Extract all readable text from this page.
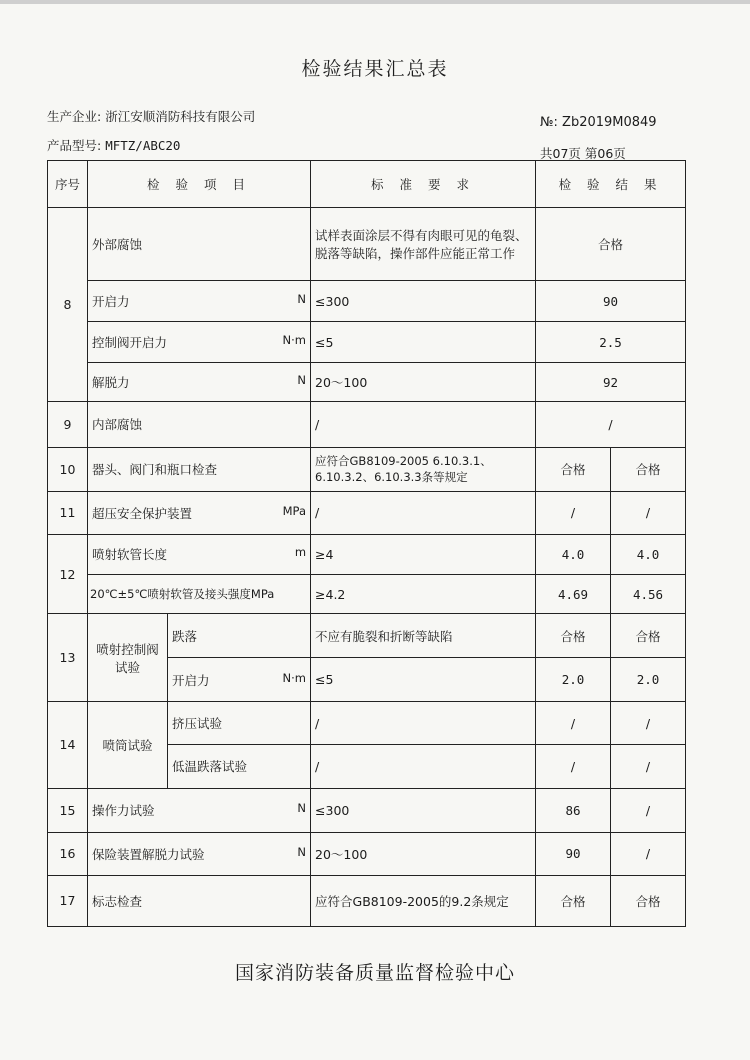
检验结果汇总表
生产企业: 浙江安顺消防科技有限公司
产品型号: MFTZ/ABC20
№: Zb2019M0849
共07页 第06页
序号	检 验 项 目		标 准 要 求	检 验 结 果	
8	外部腐蚀		试样表面涂层不得有肉眼可见的龟裂、脱落等缺陷，操作部件应能正常工作	合格	
	开启力 N		≤300	90	
	控制阀开启力 N·m		≤5	2.5	
	解脱力 N		20～100	92	
9	内部腐蚀		/	/	
10	器头、阀门和瓶口检查		应符合GB8109-2005 6.10.3.1、6.10.3.2、6.10.3.3条等规定	合格	合格
11	超压安全保护装置 MPa		/	/	/
12	喷射软管长度 m		≥4	4.0	4.0
	20℃±5℃喷射软管及接头强度MPa		≥4.2	4.69	4.56
13	喷射控制阀试验	跌落	不应有脆裂和折断等缺陷	合格	合格
		开启力 N·m	≤5	2.0	2.0
14	喷筒试验	挤压试验	/	/	/
		低温跌落试验	/	/	/
15	操作力试验 N		≤300	86	/
16	保险装置解脱力试验 N		20～100	90	/
17	标志检查		应符合GB8109-2005的9.2条规定	合格	合格
国家消防装备质量监督检验中心
